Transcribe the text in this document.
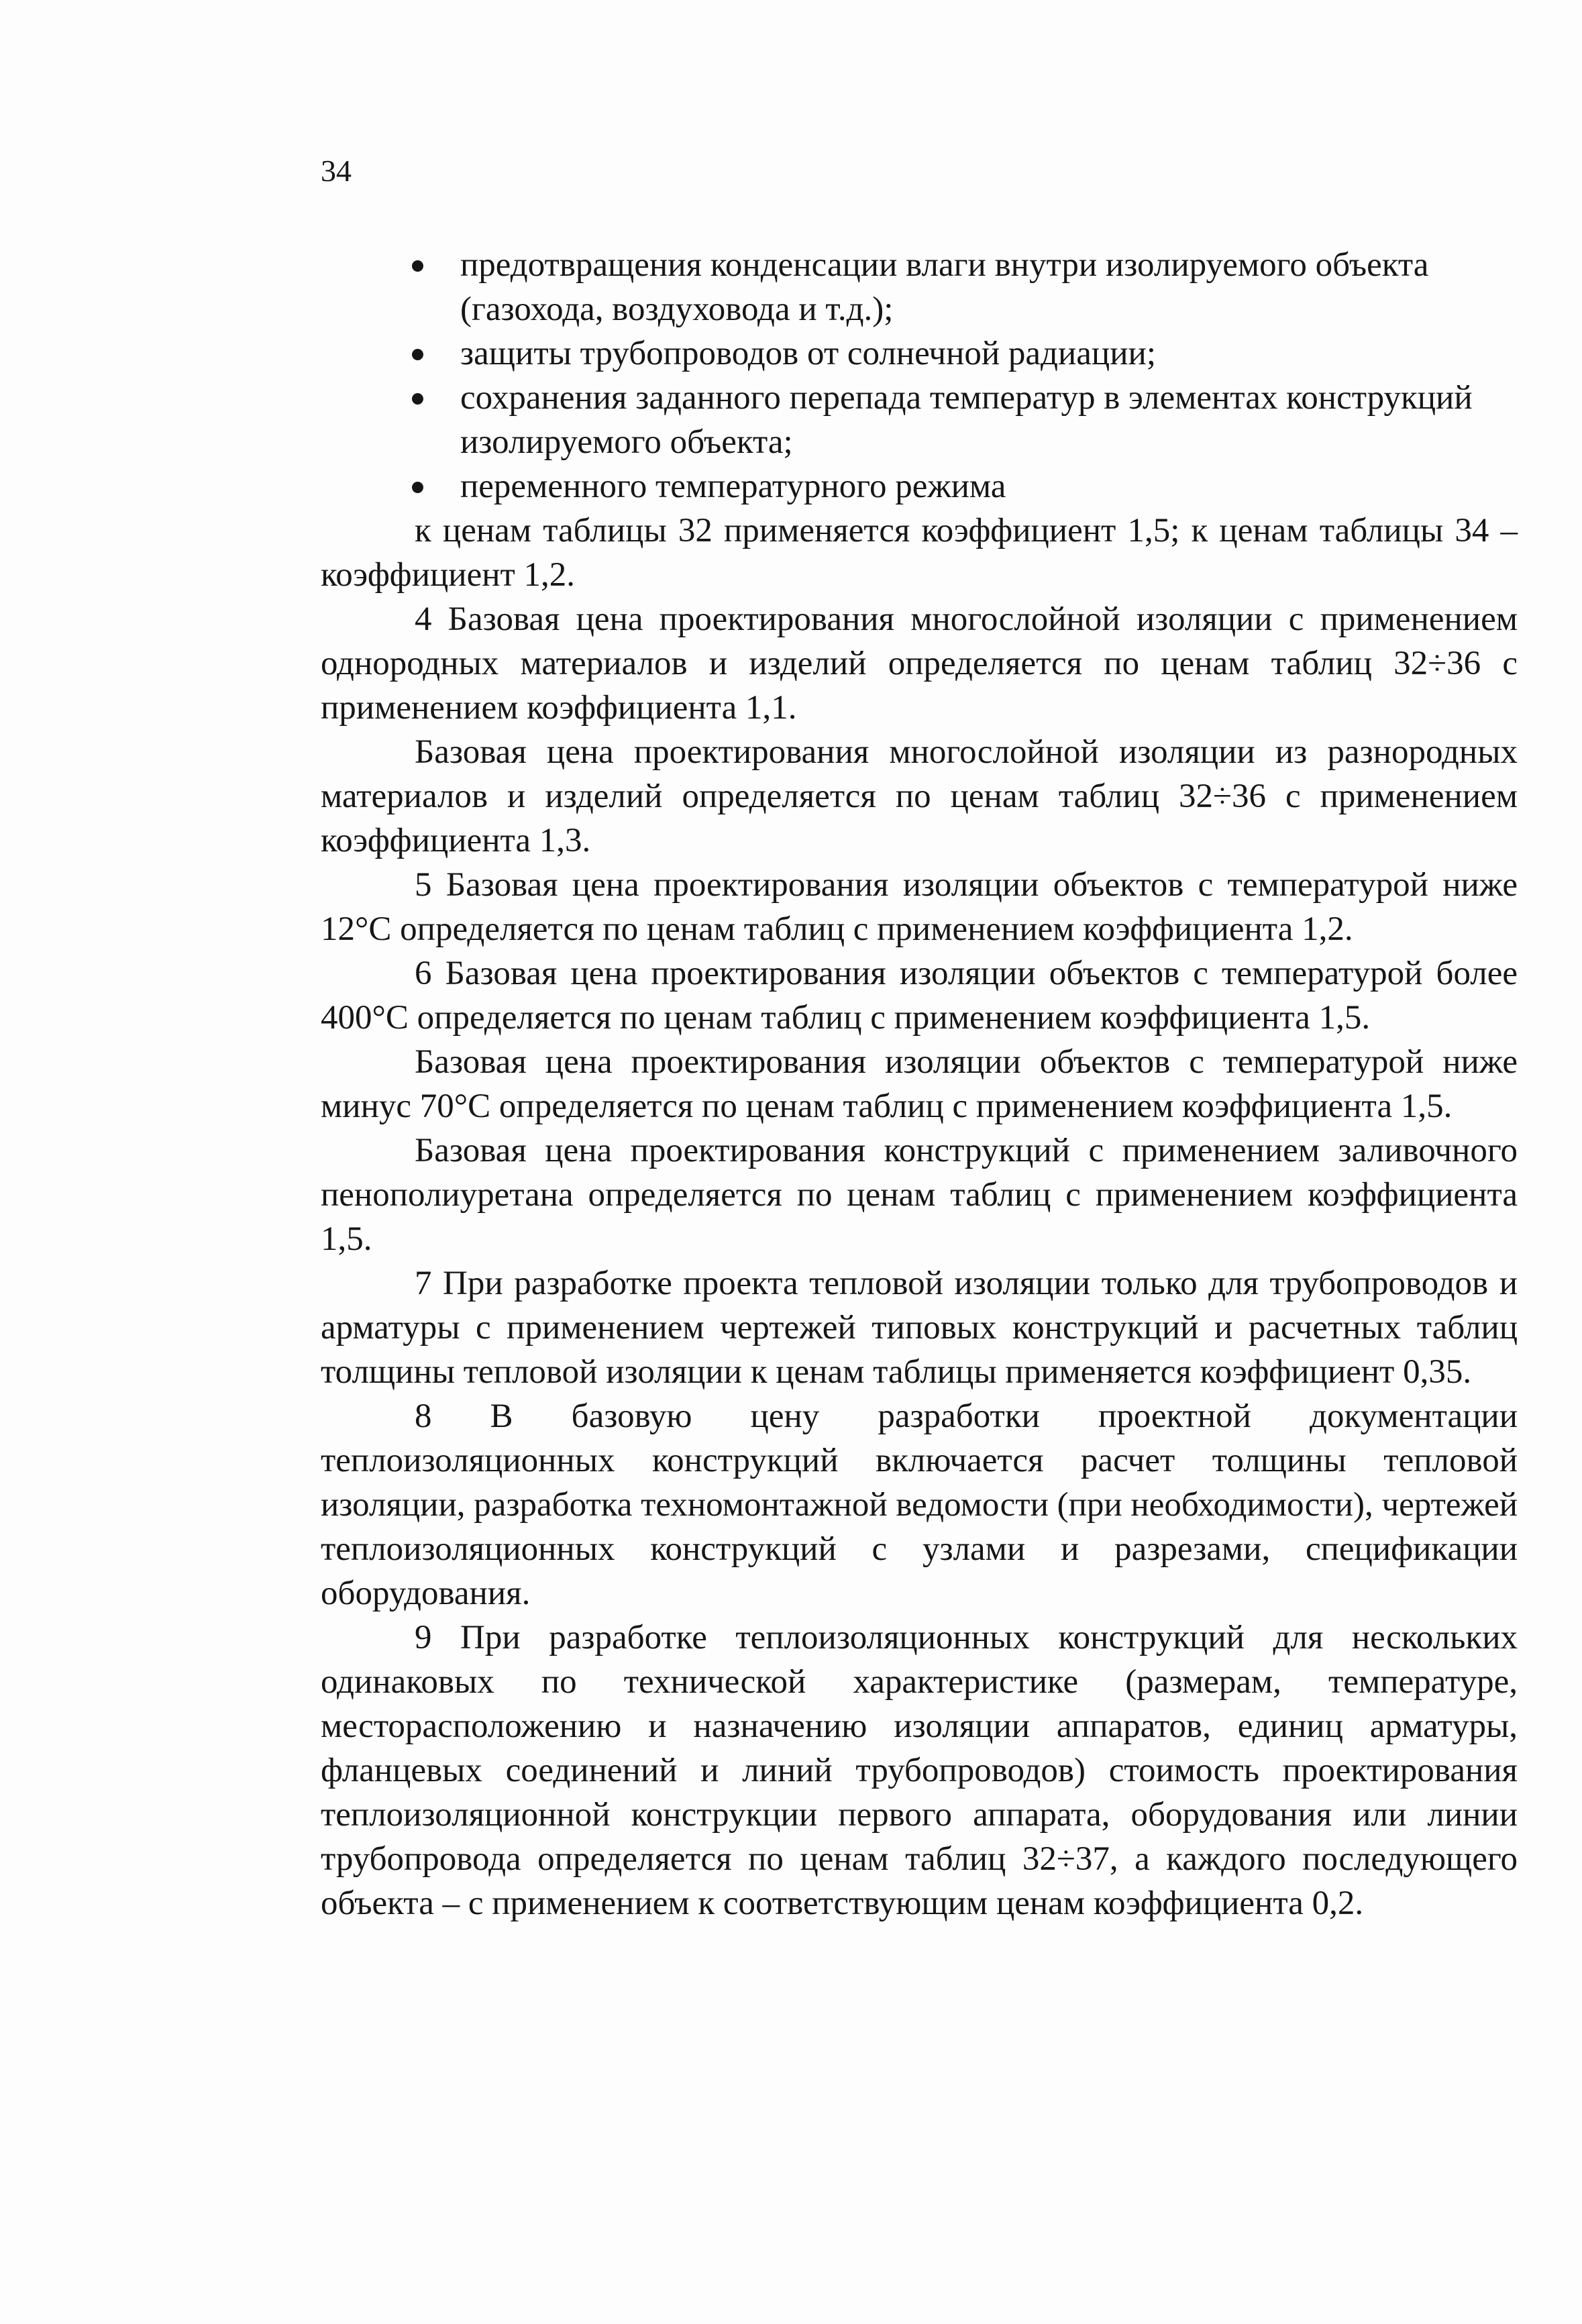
34
предотвращения конденсации влаги внутри изолируемого объекта (газохода, воздуховода и т.д.);
защиты трубопроводов от солнечной радиации;
сохранения заданного перепада температур в элементах конструкций изолируемого объекта;
переменного температурного режима

к ценам таблицы 32 применяется коэффициент 1,5; к ценам таблицы 34 – коэффициент 1,2.

4 Базовая цена проектирования многослойной изоляции с применением однородных материалов и изделий определяется по ценам таблиц 32÷36 с применением коэффициента 1,1.

Базовая цена проектирования многослойной изоляции из разнородных материалов и изделий определяется по ценам таблиц 32÷36 с применением коэффициента 1,3.

5 Базовая цена проектирования изоляции объектов с температурой ниже 12°С определяется по ценам таблиц с применением коэффициента 1,2.

6 Базовая цена проектирования изоляции объектов с температурой более 400°С определяется по ценам таблиц с применением коэффициента 1,5.

Базовая цена проектирования изоляции объектов с температурой ниже минус 70°С определяется по ценам таблиц с применением коэффициента 1,5.

Базовая цена проектирования конструкций с применением заливочного пенополиуретана определяется по ценам таблиц с применением коэффициента 1,5.

7 При разработке проекта тепловой изоляции только для трубопроводов и арматуры с применением чертежей типовых конструкций и расчетных таблиц толщины тепловой изоляции к ценам таблицы применяется коэффициент 0,35.

8 В базовую цену разработки проектной документации теплоизоляционных конструкций включается расчет толщины тепловой изоляции, разработка техномонтажной ведомости (при необходимости), чертежей теплоизоляционных конструкций с узлами и разрезами, спецификации оборудования.

9 При разработке теплоизоляционных конструкций для нескольких одинаковых по технической характеристике (размерам, температуре, месторасположению и назначению изоляции аппаратов, единиц арматуры, фланцевых соединений и линий трубопроводов) стоимость проектирования теплоизоляционной конструкции первого аппарата, оборудования или линии трубопровода определяется по ценам таблиц 32÷37, а каждого последующего объекта – с применением к соответствующим ценам коэффициента 0,2.
